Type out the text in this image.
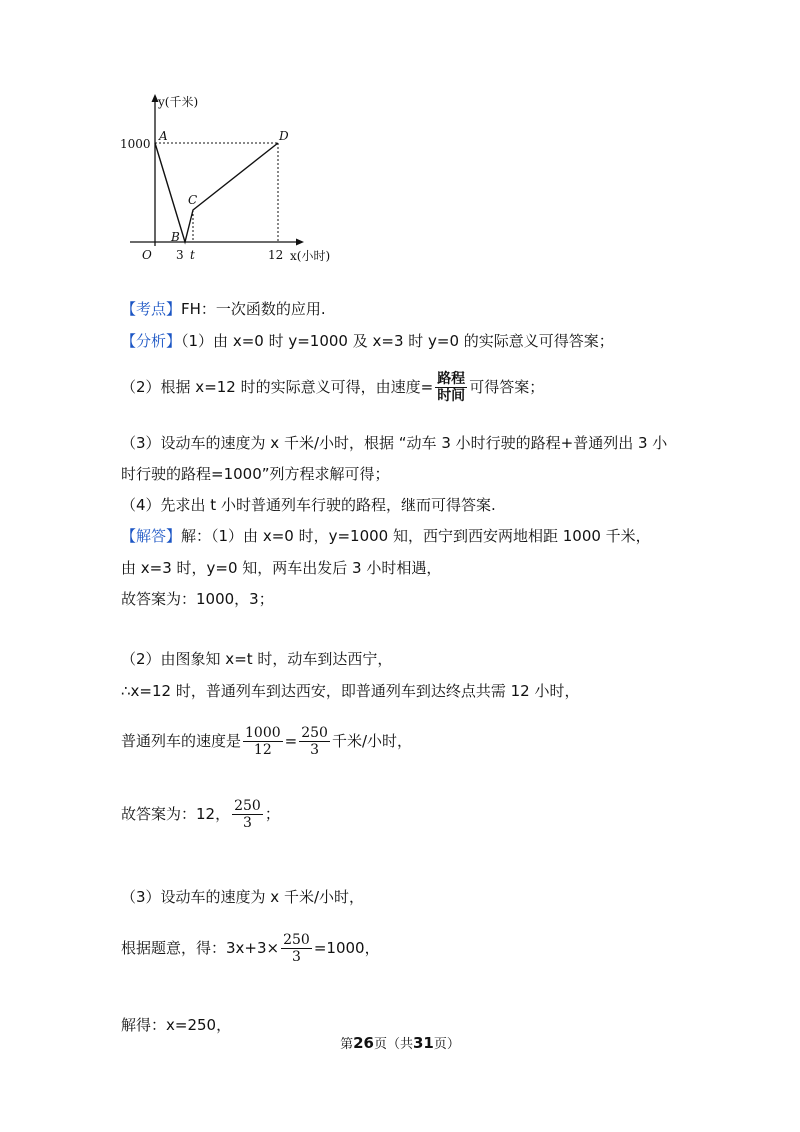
y(千米)
x(小时)
1000
O 3 t	12
A
B
C
D
【考点】FH：一次函数的应用.
【分析】（1）由 x=0 时 y=1000 及 x=3 时 y=0 的实际意义可得答案；
（2）根据 x=12 时的实际意义可得，由速度= $\frac{\text{路程}}{\text{时间}}$ 可得答案；
（3）设动车的速度为 x 千米/小时，根据 “动车 3 小时行驶的路程+普通列出 3 小
时行驶的路程=1000”列方程求解可得；
（4）先求出 t 小时普通列车行驶的路程，继而可得答案.
【解答】解：（1）由 x=0 时，y=1000 知，西宁到西安两地相距 1000 千米，
由 x=3 时，y=0 知，两车出发后 3 小时相遇，
故答案为：1000，3；
（2）由图象知 x=t 时，动车到达西宁，
∴x=12 时，普通列车到达西安，即普通列车到达终点共需 12 小时，
普通列车的速度是 $\frac{1000}{12} = \frac{250}{3}$ 千米/小时，
故答案为：12， $\frac{250}{3}$ ；
（3）设动车的速度为 x 千米/小时，
根据题意，得：$3x+3\times \frac{250}{3} =1000$，
解得：x=250，
第26页（共31页）
